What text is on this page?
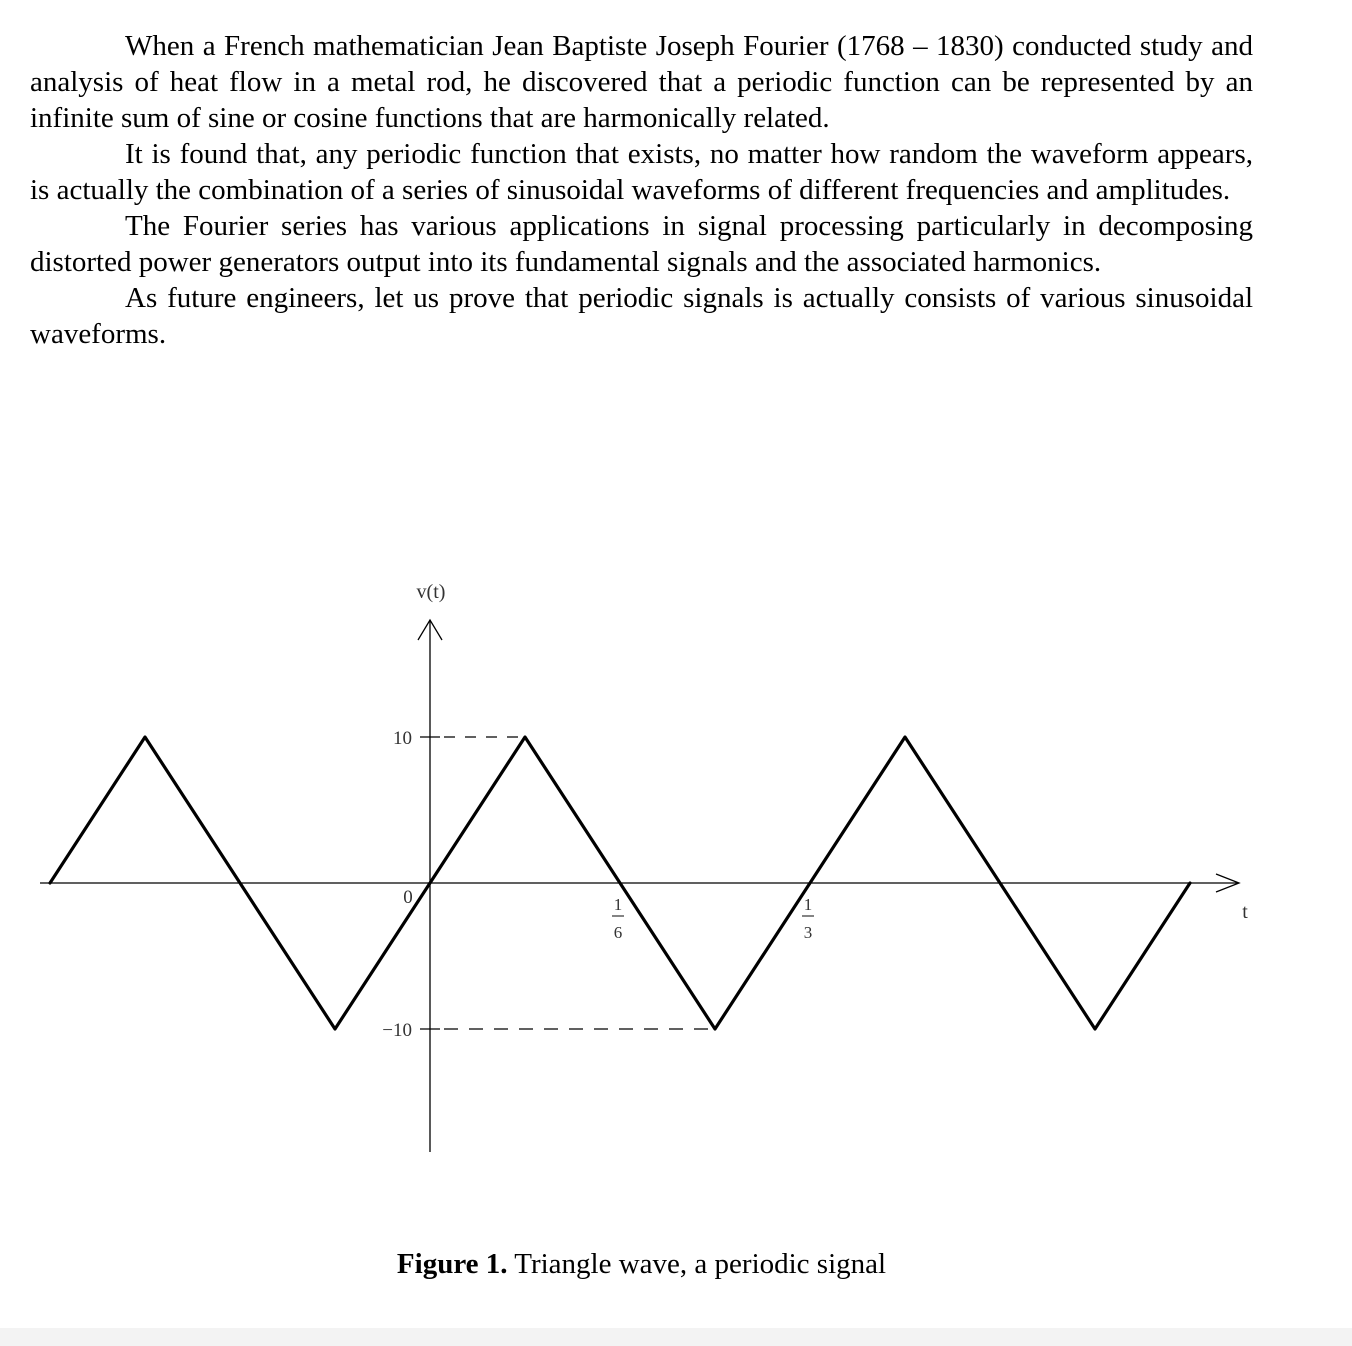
When a French mathematician Jean Baptiste Joseph Fourier (1768 – 1830) conducted study and analysis of heat flow in a metal rod, he discovered that a periodic function can be represented by an infinite sum of sine or cosine functions that are harmonically related.

It is found that, any periodic function that exists, no matter how random the waveform appears, is actually the combination of a series of sinusoidal waveforms of different frequencies and amplitudes.

The Fourier series has various applications in signal processing particularly in decomposing distorted power generators output into its fundamental signals and the associated harmonics.

As future engineers, let us prove that periodic signals is actually consists of various sinusoidal waveforms.

v(t)
t
0
10
−10
1
6
1
3
Figure 1. Triangle wave, a periodic signal
